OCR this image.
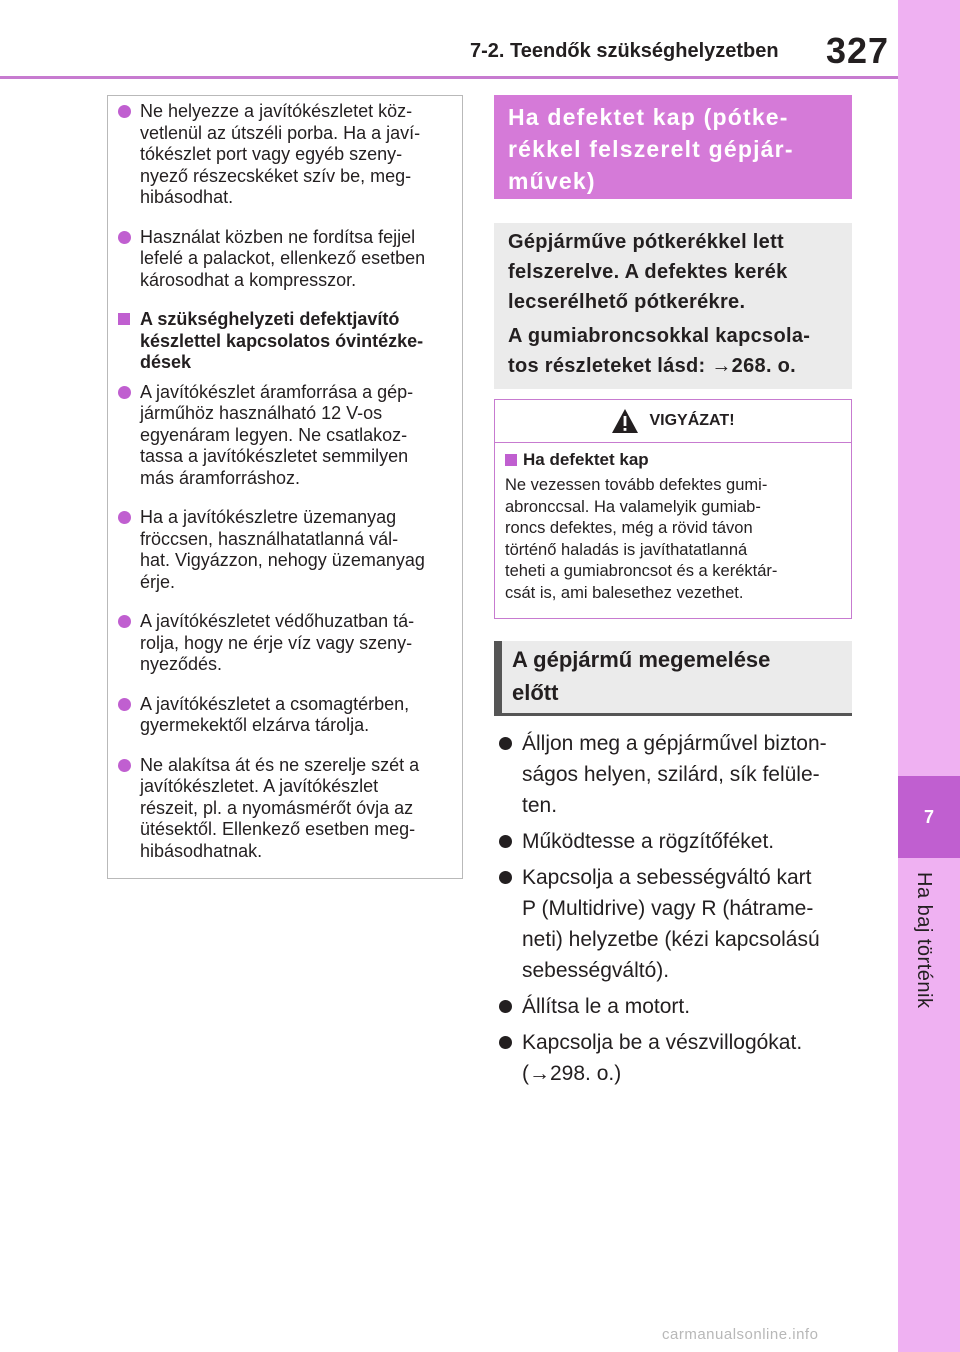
7-2. Teendők szükséghelyzetben 327
7
Ha baj történik
Ne helyezze a javítókészletet köz-
vetlenül az útszéli porba. Ha a javí-
tókészlet port vagy egyéb szeny-
nyező részecskéket szív be, meg-
hibásodhat.
Használat közben ne fordítsa fejjel
lefelé a palackot, ellenkező esetben
károsodhat a kompresszor.
A szükséghelyzeti defektjavító
készlettel kapcsolatos óvintézke-
dések
A javítókészlet áramforrása a gép-
járműhöz használható 12 V-os
egyenáram legyen. Ne csatlakoz-
tassa a javítókészletet semmilyen
más áramforráshoz.
Ha a javítókészletre üzemanyag
fröccsen, használhatatlanná vál-
hat. Vigyázzon, nehogy üzemanyag
érje.
A javítókészletet védőhuzatban tá-
rolja, hogy ne érje víz vagy szeny-
nyeződés.
A javítókészletet a csomagtérben,
gyermekektől elzárva tárolja.
Ne alakítsa át és ne szerelje szét a
javítókészletet. A javítókészlet
részeit, pl. a nyomásmérőt óvja az
ütésektől. Ellenkező esetben meg-
hibásodhatnak.
Ha defektet kap (pótke-
rékkel felszerelt gépjár-
művek)

Gépjárműve pótkerékkel lett
felszerelve. A defektes kerék
lecserélhető pótkerékre.

A gumiabroncsokkal kapcsola-
tos részleteket lásd: →268. o.

VIGYÁZAT!
Ha defektet kap
Ne vezessen tovább defektes gumi-
abronccsal. Ha valamelyik gumiab-
roncs defektes, még a rövid távon
történő haladás is javíthatatlanná
teheti a gumiabroncsot és a keréktár-
csát is, ami balesethez vezethet.
A gépjármű megemelése
előtt
Álljon meg a gépjárművel bizton-
ságos helyen, szilárd, sík felüle-
ten.
Működtesse a rögzítőféket.
Kapcsolja a sebességváltó kart
P (Multidrive) vagy R (hátrame-
neti) helyzetbe (kézi kapcsolású
sebességváltó).
Állítsa le a motort.
Kapcsolja be a vészvillogókat.
(→298. o.)
carmanualsonline.info
